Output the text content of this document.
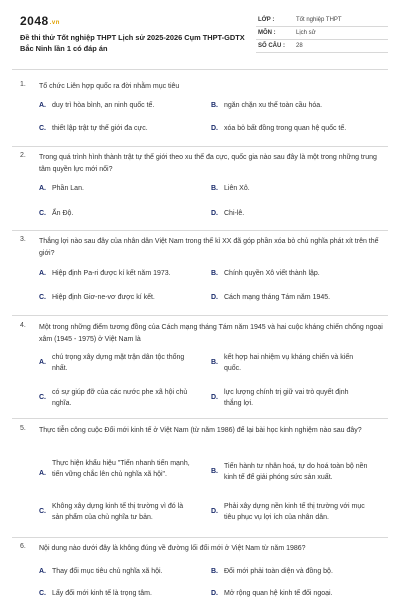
2048.vn
Đề thi thử Tốt nghiệp THPT Lịch sử 2025-2026 Cụm THPT-GDTX Bắc Ninh lần 1 có đáp án
LỚP :	Tốt nghiệp THPT
MÔN :	Lịch sử
SỐ CÂU : 28
1. Tổ chức Liên hợp quốc ra đời nhằm mục tiêu
A. duy trì hòa bình, an ninh quốc tế.	B. ngăn chặn xu thế toàn cầu hóa.
C. thiết lập trật tự thế giới đa cực.	D. xóa bỏ bất đồng trong quan hệ quốc tế.
2. Trong quá trình hình thành trật tự thế giới theo xu thế đa cực, quốc gia nào sau đây là một trong những trung tâm quyền lực mới nổi?
A. Phần Lan.	B. Liên Xô.
C. Ấn Độ.	D. Chi-lê.
3. Thắng lợi nào sau đây của nhân dân Việt Nam trong thế kỉ XX đã góp phần xóa bỏ chủ nghĩa phát xít trên thế giới?
A. Hiệp định Pa-ri được kí kết năm 1973.	B. Chính quyền Xô viết thành lập.
C. Hiệp định Giơ-ne-vơ được kí kết.	D. Cách mạng tháng Tám năm 1945.
4. Một trong những điểm tương đồng của Cách mạng tháng Tám năm 1945 và hai cuộc kháng chiến chống ngoại xâm (1945 - 1975) ở Việt Nam là
A.
chú trọng xây dựng mặt trận dân tộc thống nhất.
B.
kết hợp hai nhiệm vụ kháng chiến và kiến quốc.
C.
có sự giúp đỡ của các nước phe xã hội chủ nghĩa.
D.
lực lượng chính trị giữ vai trò quyết định thắng lợi.
5. Thực tiễn công cuộc Đổi mới kinh tế ở Việt Nam (từ năm 1986) để lại bài học kinh nghiệm nào sau đây?
A.
Thực hiện khẩu hiệu "Tiến nhanh tiến mạnh, tiến vững chắc lên chủ nghĩa xã hội".	B.
Tiến hành tư nhân hoá, tự do hoá toàn bộ nền kinh tế để giải phóng sức sản xuất.
C.
Không xây dựng kinh tế thị trường vì đó là sản phẩm của chủ nghĩa tư bản.
D.
Phải xây dựng nền kinh tế thị trường với mục tiêu phục vụ lợi ích của nhân dân.
6. Nội dung nào dưới đây là không đúng về đường lối đổi mới ở Việt Nam từ năm 1986?
A. Thay đổi mục tiêu chủ nghĩa xã hội.	B. Đổi mới phải toàn diện và đồng bộ.
C. Lấy đổi mới kinh tế là trọng tâm.	D. Mở rộng quan hệ kinh tế đối ngoại.
